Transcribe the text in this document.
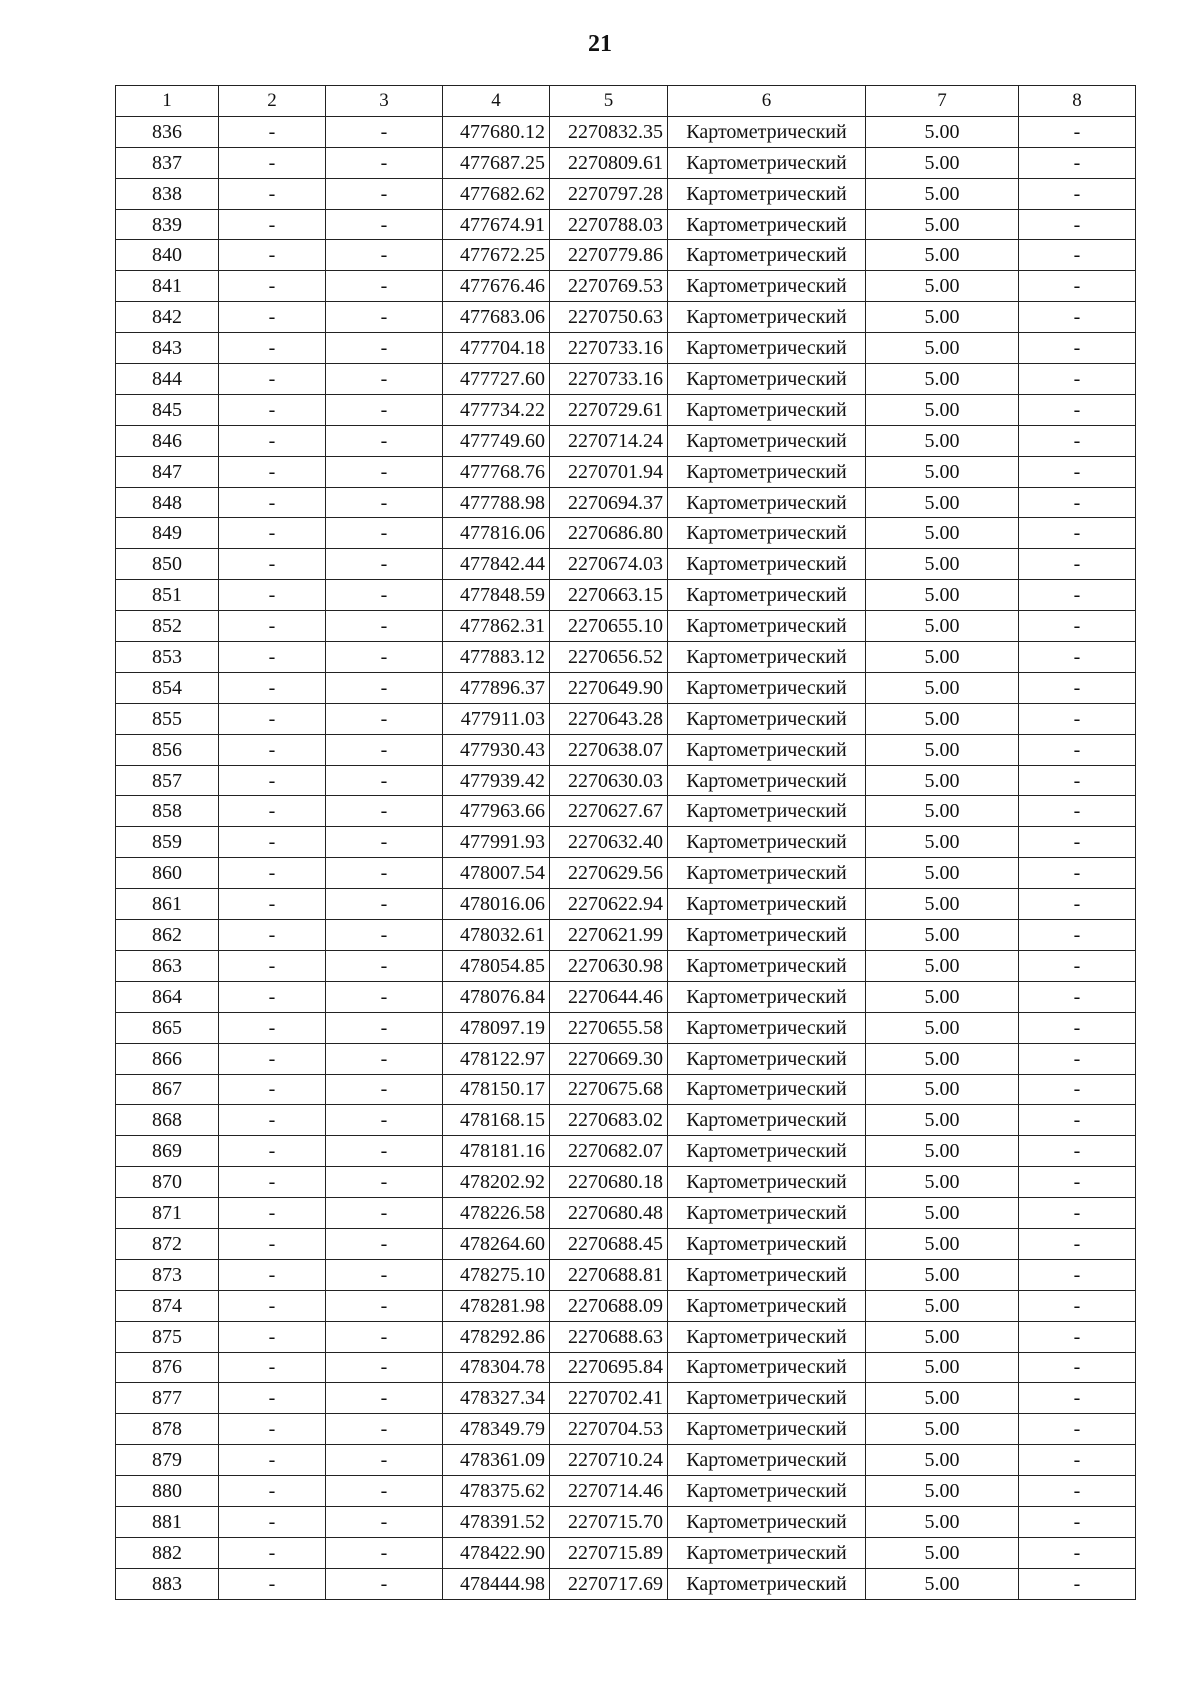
21
1	2	3	4	5	6	7	8
836	-	-	477680.12	2270832.35	Картометрический	5.00	-
837	-	-	477687.25	2270809.61	Картометрический	5.00	-
838	-	-	477682.62	2270797.28	Картометрический	5.00	-
839	-	-	477674.91	2270788.03	Картометрический	5.00	-
840	-	-	477672.25	2270779.86	Картометрический	5.00	-
841	-	-	477676.46	2270769.53	Картометрический	5.00	-
842	-	-	477683.06	2270750.63	Картометрический	5.00	-
843	-	-	477704.18	2270733.16	Картометрический	5.00	-
844	-	-	477727.60	2270733.16	Картометрический	5.00	-
845	-	-	477734.22	2270729.61	Картометрический	5.00	-
846	-	-	477749.60	2270714.24	Картометрический	5.00	-
847	-	-	477768.76	2270701.94	Картометрический	5.00	-
848	-	-	477788.98	2270694.37	Картометрический	5.00	-
849	-	-	477816.06	2270686.80	Картометрический	5.00	-
850	-	-	477842.44	2270674.03	Картометрический	5.00	-
851	-	-	477848.59	2270663.15	Картометрический	5.00	-
852	-	-	477862.31	2270655.10	Картометрический	5.00	-
853	-	-	477883.12	2270656.52	Картометрический	5.00	-
854	-	-	477896.37	2270649.90	Картометрический	5.00	-
855	-	-	477911.03	2270643.28	Картометрический	5.00	-
856	-	-	477930.43	2270638.07	Картометрический	5.00	-
857	-	-	477939.42	2270630.03	Картометрический	5.00	-
858	-	-	477963.66	2270627.67	Картометрический	5.00	-
859	-	-	477991.93	2270632.40	Картометрический	5.00	-
860	-	-	478007.54	2270629.56	Картометрический	5.00	-
861	-	-	478016.06	2270622.94	Картометрический	5.00	-
862	-	-	478032.61	2270621.99	Картометрический	5.00	-
863	-	-	478054.85	2270630.98	Картометрический	5.00	-
864	-	-	478076.84	2270644.46	Картометрический	5.00	-
865	-	-	478097.19	2270655.58	Картометрический	5.00	-
866	-	-	478122.97	2270669.30	Картометрический	5.00	-
867	-	-	478150.17	2270675.68	Картометрический	5.00	-
868	-	-	478168.15	2270683.02	Картометрический	5.00	-
869	-	-	478181.16	2270682.07	Картометрический	5.00	-
870	-	-	478202.92	2270680.18	Картометрический	5.00	-
871	-	-	478226.58	2270680.48	Картометрический	5.00	-
872	-	-	478264.60	2270688.45	Картометрический	5.00	-
873	-	-	478275.10	2270688.81	Картометрический	5.00	-
874	-	-	478281.98	2270688.09	Картометрический	5.00	-
875	-	-	478292.86	2270688.63	Картометрический	5.00	-
876	-	-	478304.78	2270695.84	Картометрический	5.00	-
877	-	-	478327.34	2270702.41	Картометрический	5.00	-
878	-	-	478349.79	2270704.53	Картометрический	5.00	-
879	-	-	478361.09	2270710.24	Картометрический	5.00	-
880	-	-	478375.62	2270714.46	Картометрический	5.00	-
881	-	-	478391.52	2270715.70	Картометрический	5.00	-
882	-	-	478422.90	2270715.89	Картометрический	5.00	-
883	-	-	478444.98	2270717.69	Картометрический	5.00	-
